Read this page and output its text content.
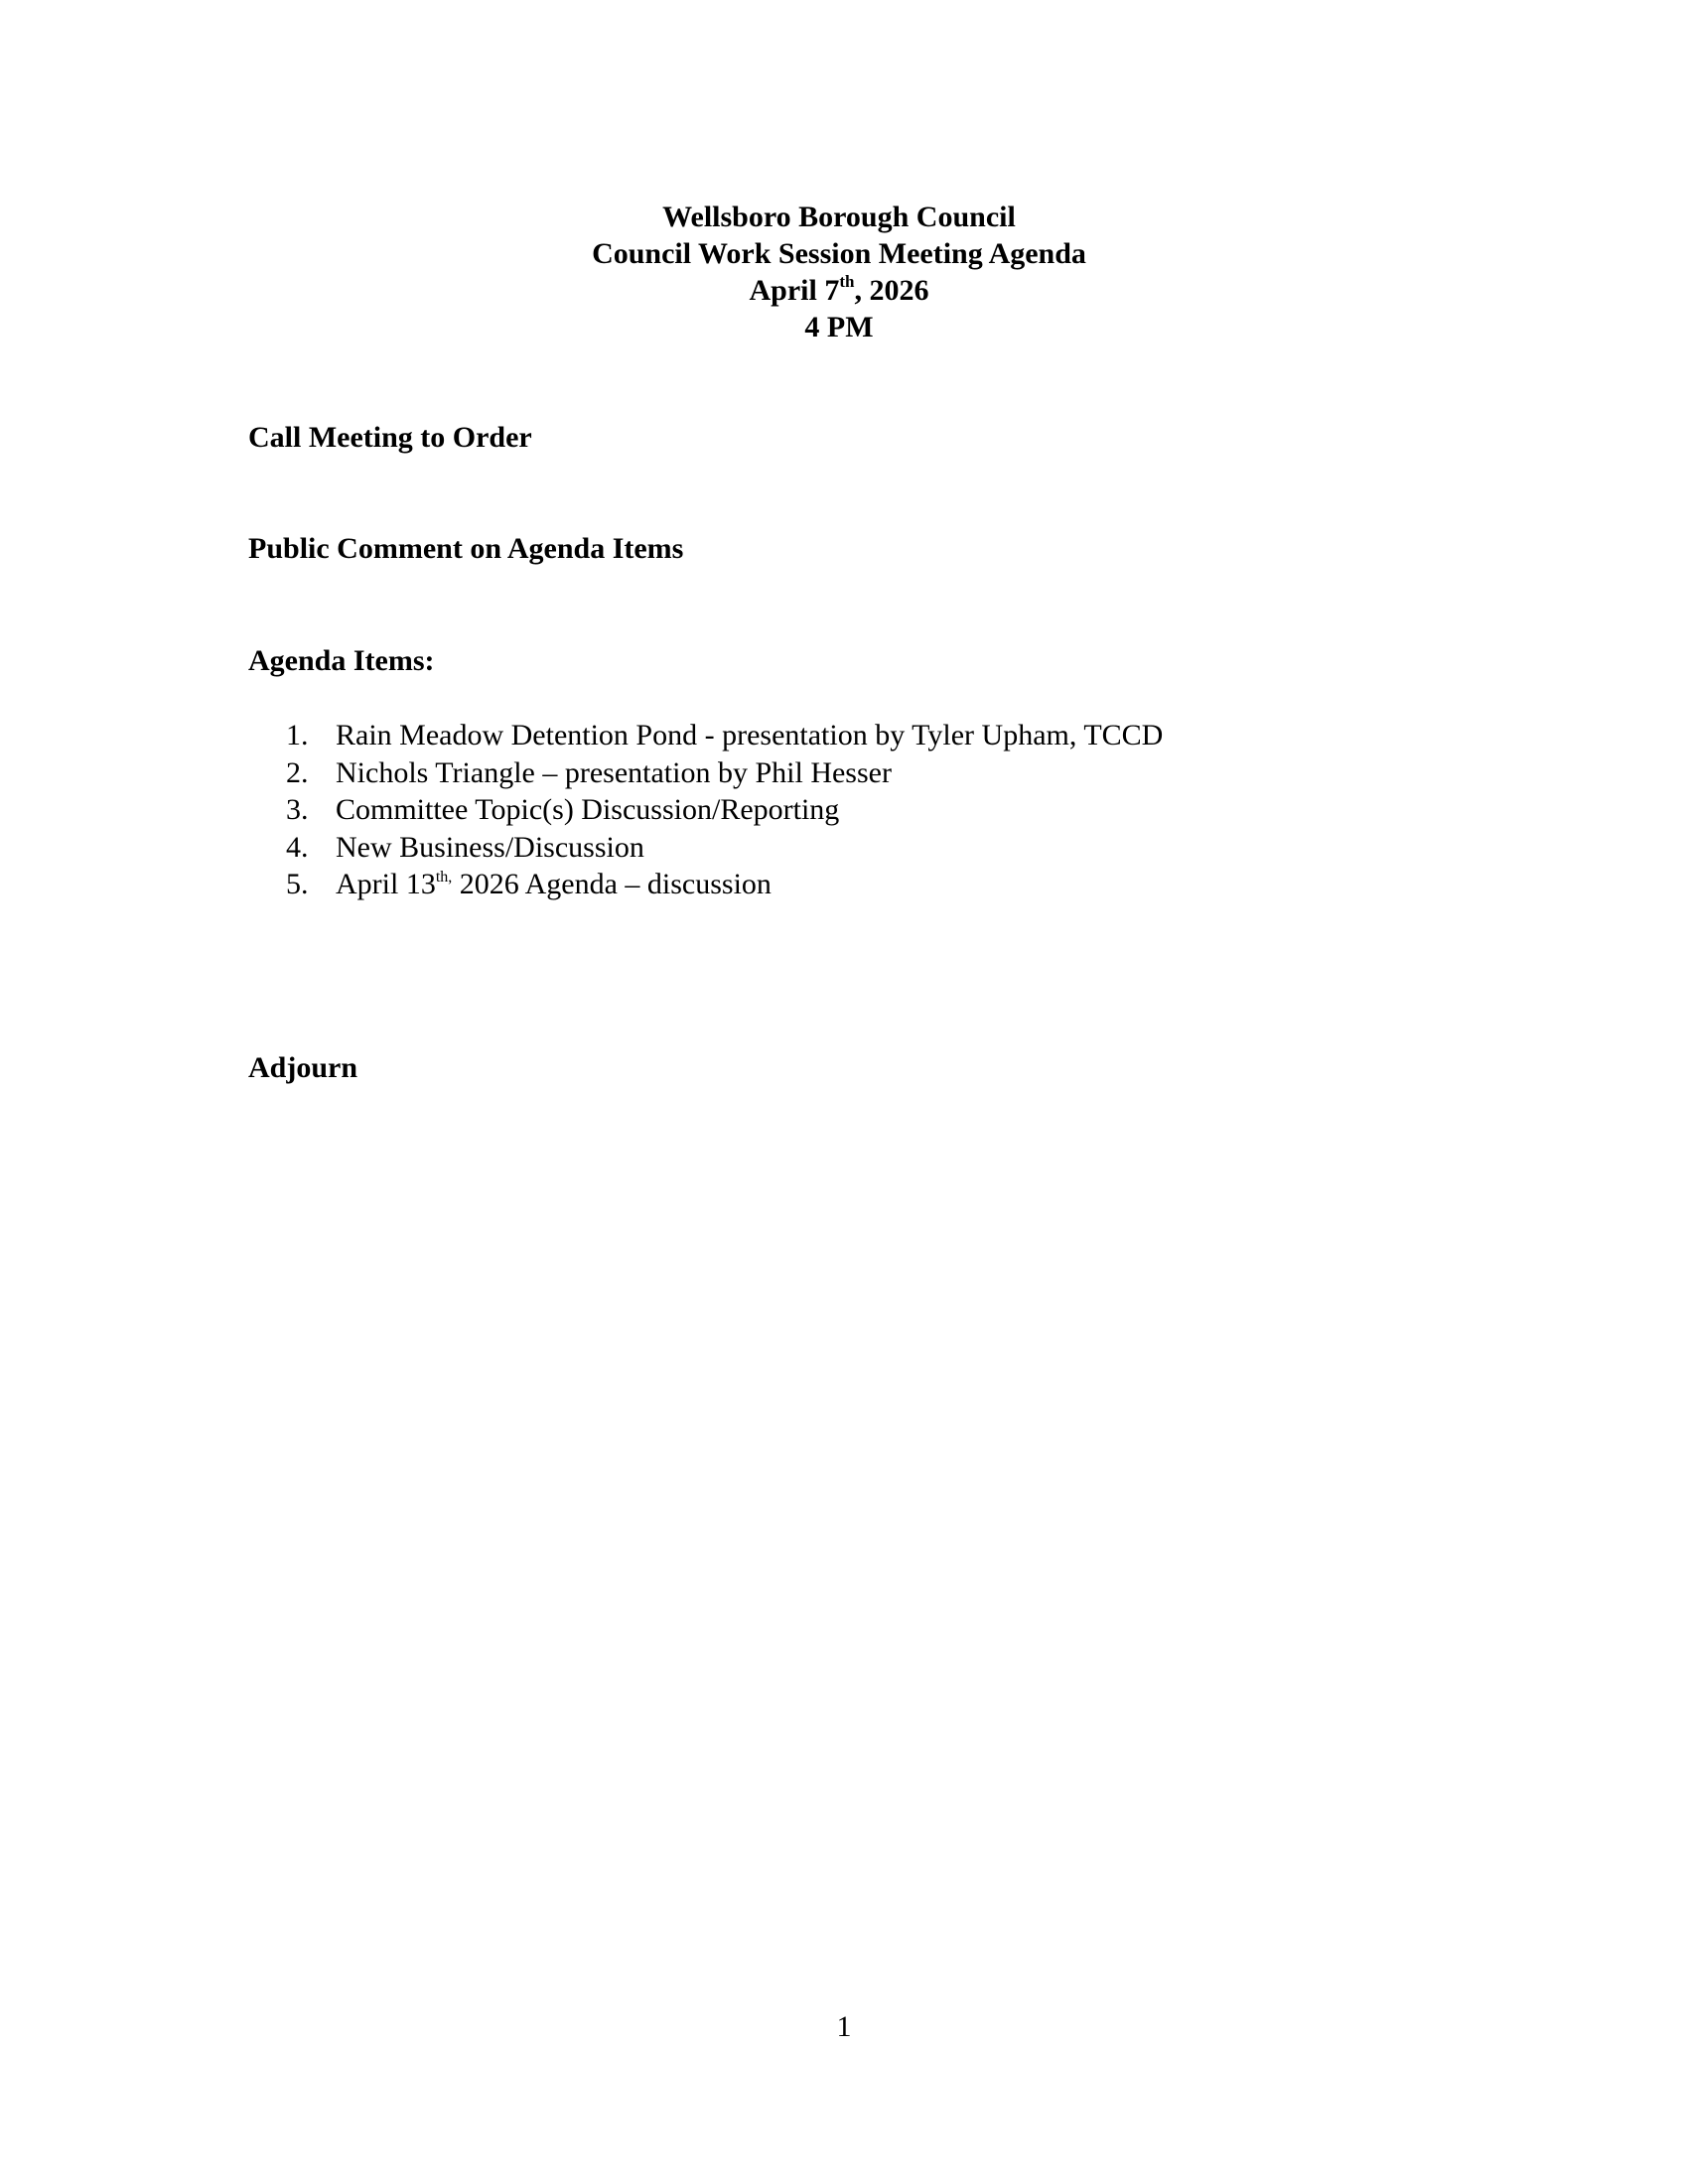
Wellsboro Borough Council
Council Work Session Meeting Agenda
April 7th, 2026
4 PM
Call Meeting to Order
Public Comment on Agenda Items
Agenda Items:
1. Rain Meadow Detention Pond - presentation by Tyler Upham, TCCD
2. Nichols Triangle – presentation by Phil Hesser
3. Committee Topic(s) Discussion/Reporting
4. New Business/Discussion
5. April $13^{th,}$ 2026 Agenda – discussion
Adjourn
1
